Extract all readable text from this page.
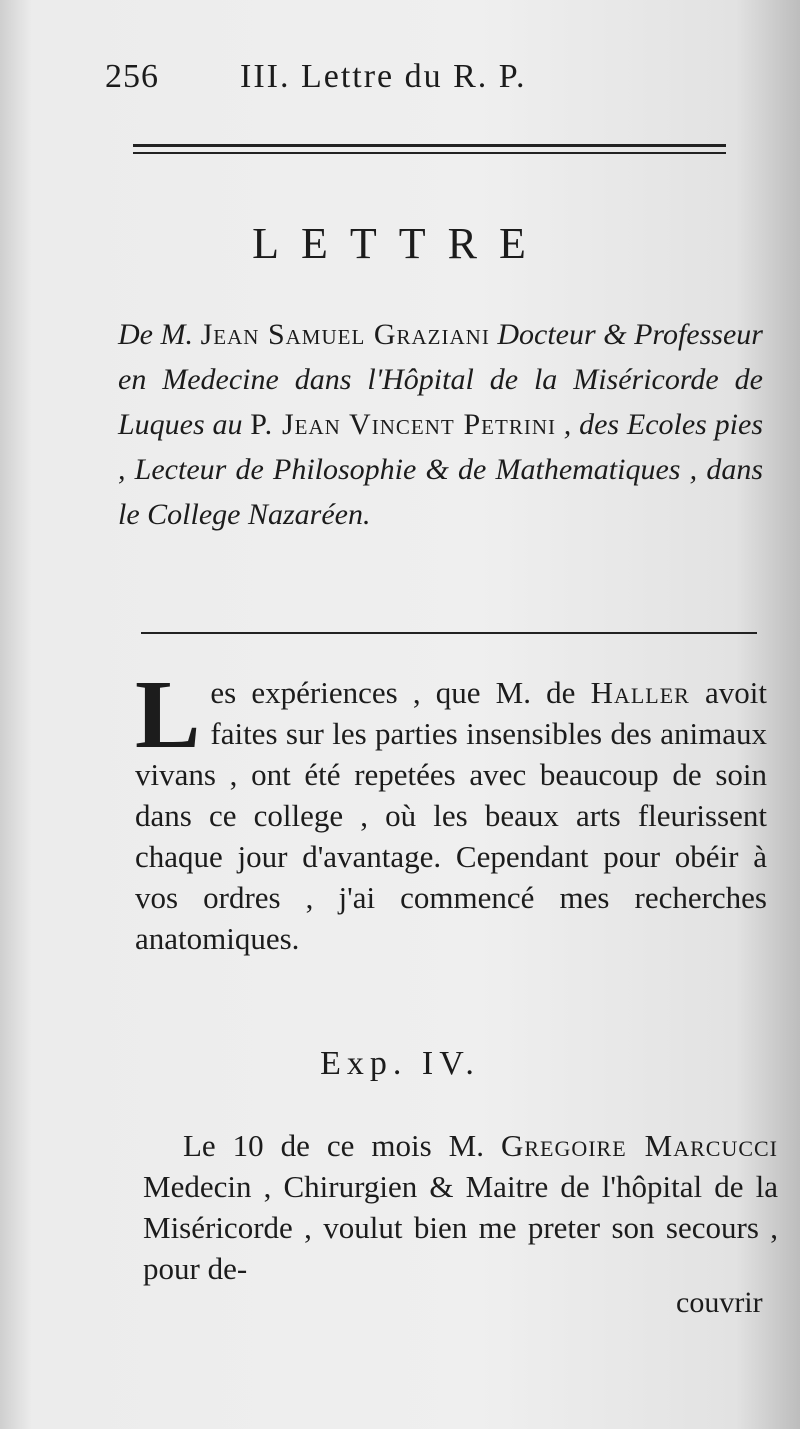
256 III. Lettre du R. P.
LETTRE
De M. Jean Samuel Graziani Docteur & Professeur en Medecine dans l'Hôpital de la Miséricorde de Luques au P. Jean Vincent Petrini , des Ecoles pies , Lecteur de Philosophie & de Mathematiques , dans le College Nazaréen.
Les expériences , que M. de Haller avoit faites sur les parties insensibles des animaux vivans , ont été repetées avec beaucoup de soin dans ce college , où les beaux arts fleurissent chaque jour d'avantage. Cependant pour obéir à vos ordres , j'ai commencé mes recherches anatomiques.
Exp. IV.
Le 10 de ce mois M. Gregoire Marcucci Medecin , Chirurgien & Maitre de l'hôpital de la Miséricorde , voulut bien me preter son secours , pour de-
couvrir
